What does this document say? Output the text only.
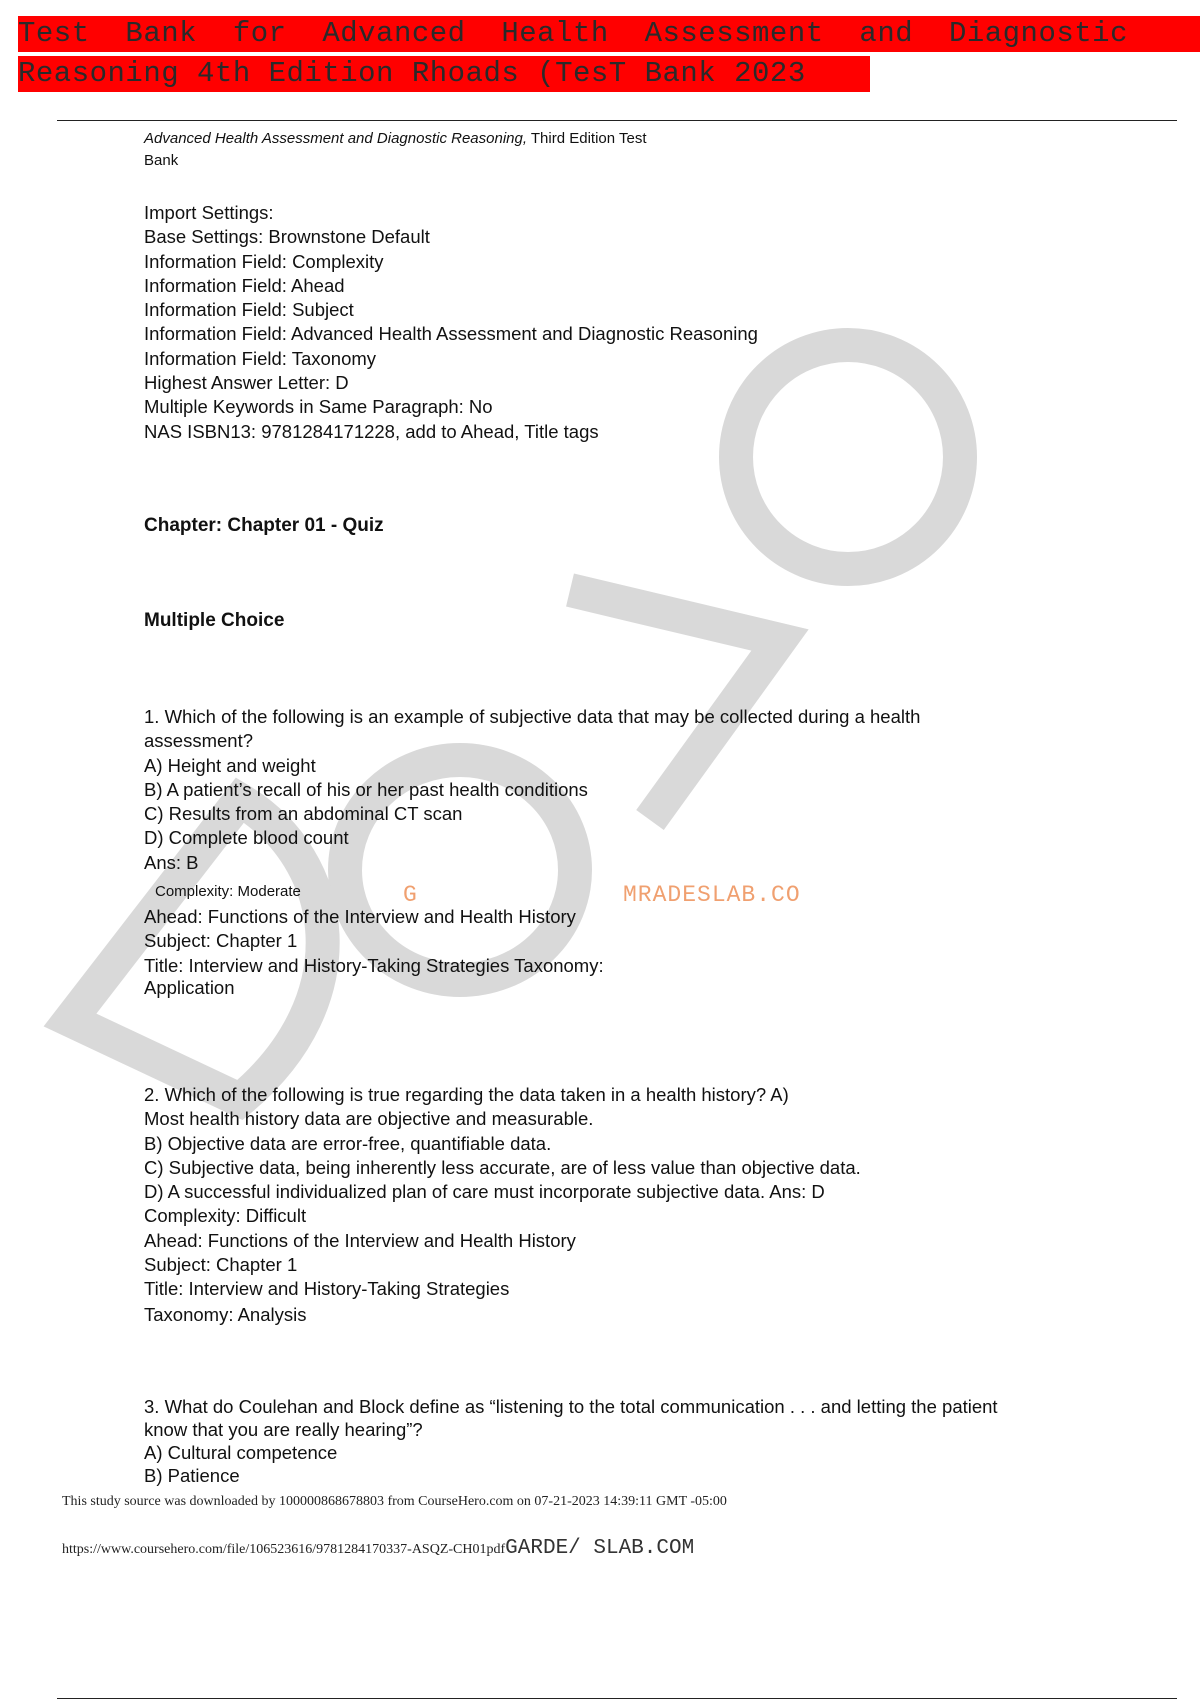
Test  Bank  for  Advanced  Health  Assessment  and  Diagnostic
Reasoning 4th Edition Rhoads (TesT Bank 2023
Advanced Health Assessment and Diagnostic Reasoning, Third Edition Test
Bank
Import Settings:
Base Settings: Brownstone Default
Information Field: Complexity
Information Field: Ahead
Information Field: Subject
Information Field: Advanced Health Assessment and Diagnostic Reasoning
Information Field: Taxonomy
Highest Answer Letter: D
Multiple Keywords in Same Paragraph: No
NAS ISBN13: 9781284171228, add to Ahead, Title tags
Chapter: Chapter 01 - Quiz
Multiple Choice
1. Which of the following is an example of subjective data that may be collected during a health
assessment?
A) Height and weight
B) A patient’s recall of his or her past health conditions
C) Results from an abdominal CT scan
D) Complete blood count
Ans: B
Complexity: Moderate
Ahead: Functions of the Interview and Health History
Subject: Chapter 1
Title: Interview and History-Taking Strategies Taxonomy:
Application
G	MRADESLAB.CO
2. Which of the following is true regarding the data taken in a health history? A)
Most health history data are objective and measurable.
B) Objective data are error-free, quantifiable data.
C) Subjective data, being inherently less accurate, are of less value than objective data.
D) A successful individualized plan of care must incorporate subjective data. Ans: D
Complexity: Difficult
Ahead: Functions of the Interview and Health History
Subject: Chapter 1
Title: Interview and History-Taking Strategies
Taxonomy: Analysis
3. What do Coulehan and Block define as “listening to the total communication . . . and letting the patient
know that you are really hearing”?
A) Cultural competence
B) Patience
This study source was downloaded by 100000868678803 from CourseHero.com on 07-21-2023 14:39:11 GMT -05:00
https://www.coursehero.com/file/106523616/9781284170337-ASQZ-CH01pdfGARDE/ SLAB.COM
